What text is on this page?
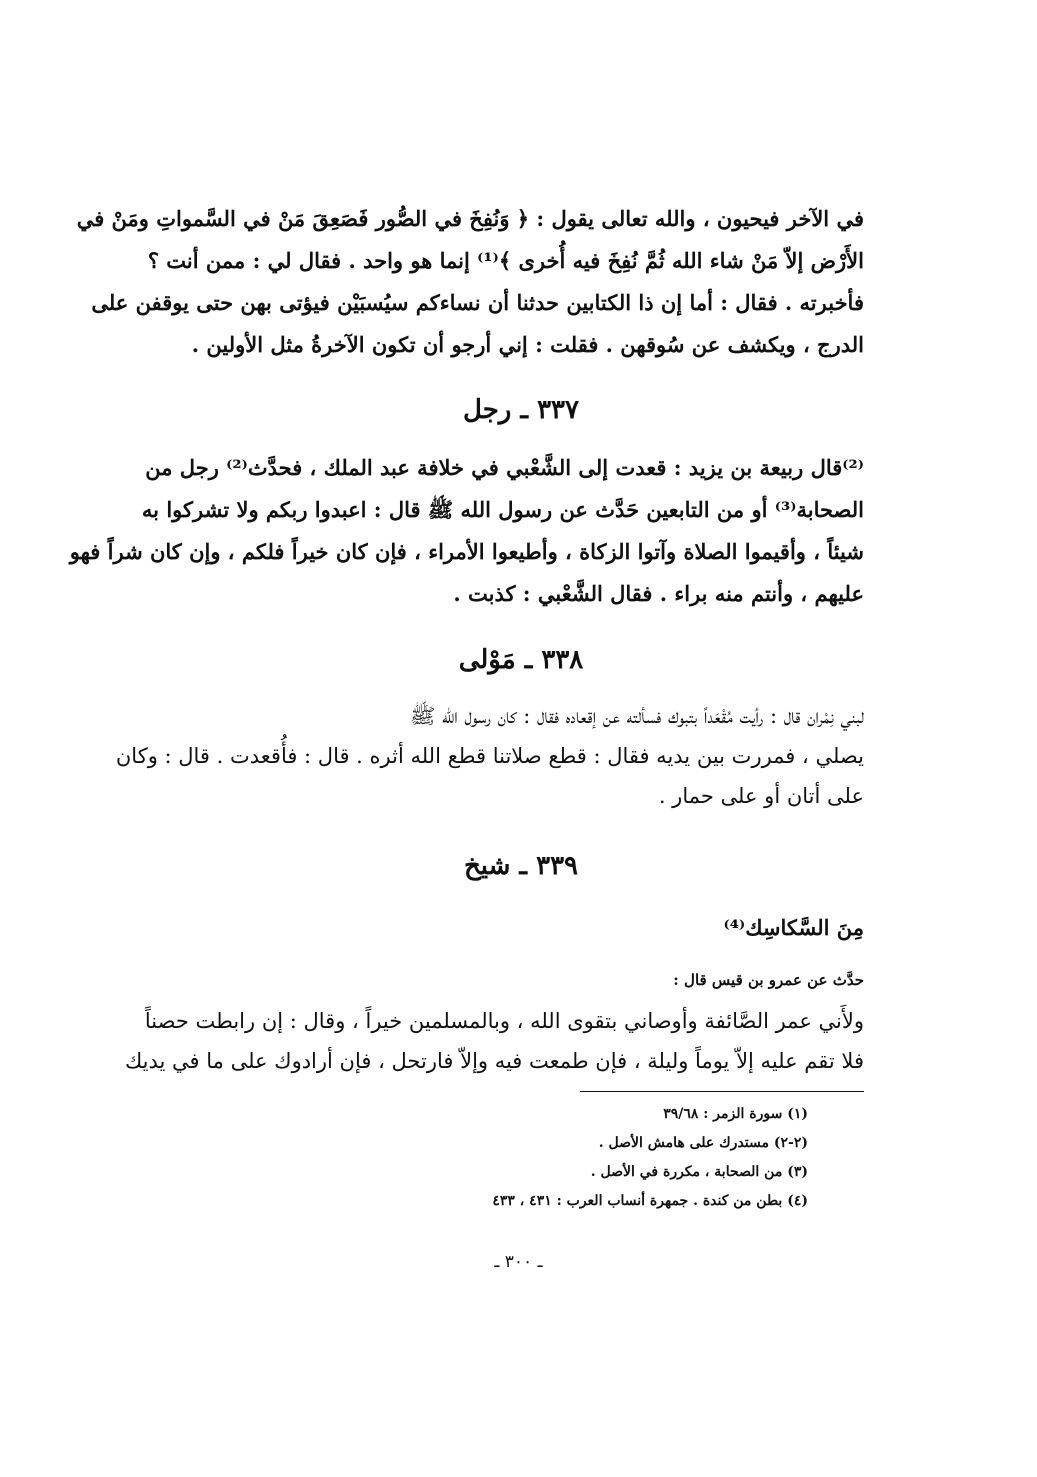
في الآخر فيحيون ، والله تعالى يقول : ﴿ وَنُفِخَ في الصُّور فَصَعِقَ مَنْ في السَّمواتِ ومَنْ في
الأَرْض إلاّ مَنْ شاء الله ثُمَّ نُفِخَ فيه أُخرى ﴾⁽¹⁾ إنما هو واحد . فقال لي : ممن أنت ؟
فأخبرته . فقال : أما إن ذا الكتابين حدثنا أن نساءكم سيُسبَيْن فيؤتى بهن حتى يوقفن على
الدرج ، ويكشف عن سُوقهن . فقلت : إني أرجو أن تكون الآخرةُ مثل الأولين .
٣٣٧ ـ رجل
⁽²⁾قال ربيعة بن يزيد : قعدت إلى الشَّعْبي في خلافة عبد الملك ، فحدَّث⁽²⁾ رجل من
الصحابة⁽³⁾ أو من التابعين حَدَّث عن رسول الله ﷺ قال : اعبدوا ربكم ولا تشركوا به
شيئاً ، وأقيموا الصلاة وآتوا الزكاة ، وأطيعوا الأمراء ، فإن كان خيراً فلكم ، وإن كان شراً فهو
عليهم ، وأنتم منه براء . فقال الشَّعْبي : كذبت .
٣٣٨ ـ مَوْلى
لبني نِمْران قال : رأيت مُقْعَداً بتبوك فسألته عن إقعاده فقال : كان رسول الله ﷺ
يصلي ، فمررت بين يديه فقال : قطع صلاتنا قطع الله أثره . قال : فأُقعدت . قال : وكان
على أتان أو على حمار .
٣٣٩ ـ شيخ
مِنَ السَّكاسِك⁽⁴⁾
حدَّث عن عمرو بن قيس قال :
ولأَني عمر الصَّائفة وأوصاني بتقوى الله ، وبالمسلمين خيراً ، وقال : إن رابطت حصناً
فلا تقم عليه إلاّ يوماً وليلة ، فإن طمعت فيه وإلاّ فارتحل ، فإن أرادوك على ما في يديك
(١) سورة الزمر : ٣٩/٦٨
(٢-٢) مستدرك على هامش الأصل .
(٣) من الصحابة ، مكررة في الأصل .
(٤) بطن من كندة . جمهرة أنساب العرب : ٤٣١ ، ٤٣٣
ـ ٣٠٠ ـ
